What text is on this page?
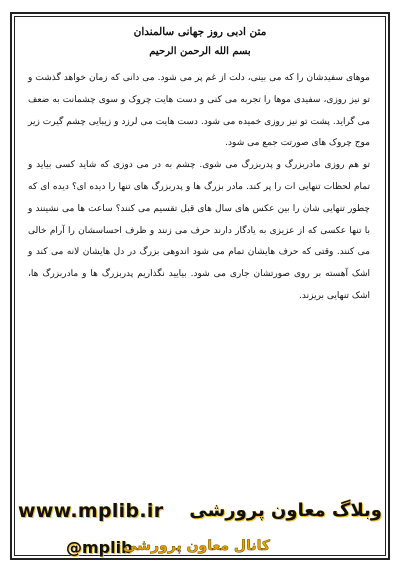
متن ادبی روز جهانی سالمندان
بسم الله الرحمن الرحیم

موهای سفیدشان را که می بینی، دلت از غم پر می شود. می دانی که زمان خواهد گذشت و تو نیز روزی، سفیدی موها را تجربه می کنی و دست هایت چروک و سوی چشمانت به ضعف می گراید. پشت تو نیز روزی خمیده می شود. دست هایت می لرزد و زیبایی چشم گیرت زیر موج چروک های صورتت جمع می شود.

تو هم روزی مادربزرگ و پدربزرگ می شوی. چشم به در می دوزی که شاید کسی بیاید و تمام لحظات تنهایی ات را پر کند. مادر بزرگ ها و پدربزرگ های تنها را دیده ای؟ دیده ای که چطور تنهایی شان را بین عکس های سال های قبل تقسیم می کنند؟ ساعت ها می نشینند و با تنها عکسی که از عزیزی به یادگار دارند حرف می زنند و ظرف احساسشان را آرام خالی می کنند. وقتی که حرف هایشان تمام می شود اندوهی بزرگ در دل هایشان لانه می کند و اشک آهسته بر روی صورتشان جاری می شود. بیایید نگذاریم پدربزرگ ها و مادربزرگ ها، اشک تنهایی بریزند.

www.mplib.ir وبلاگ معاون پرورشی
@mplib
کانال معاون پرورشی
